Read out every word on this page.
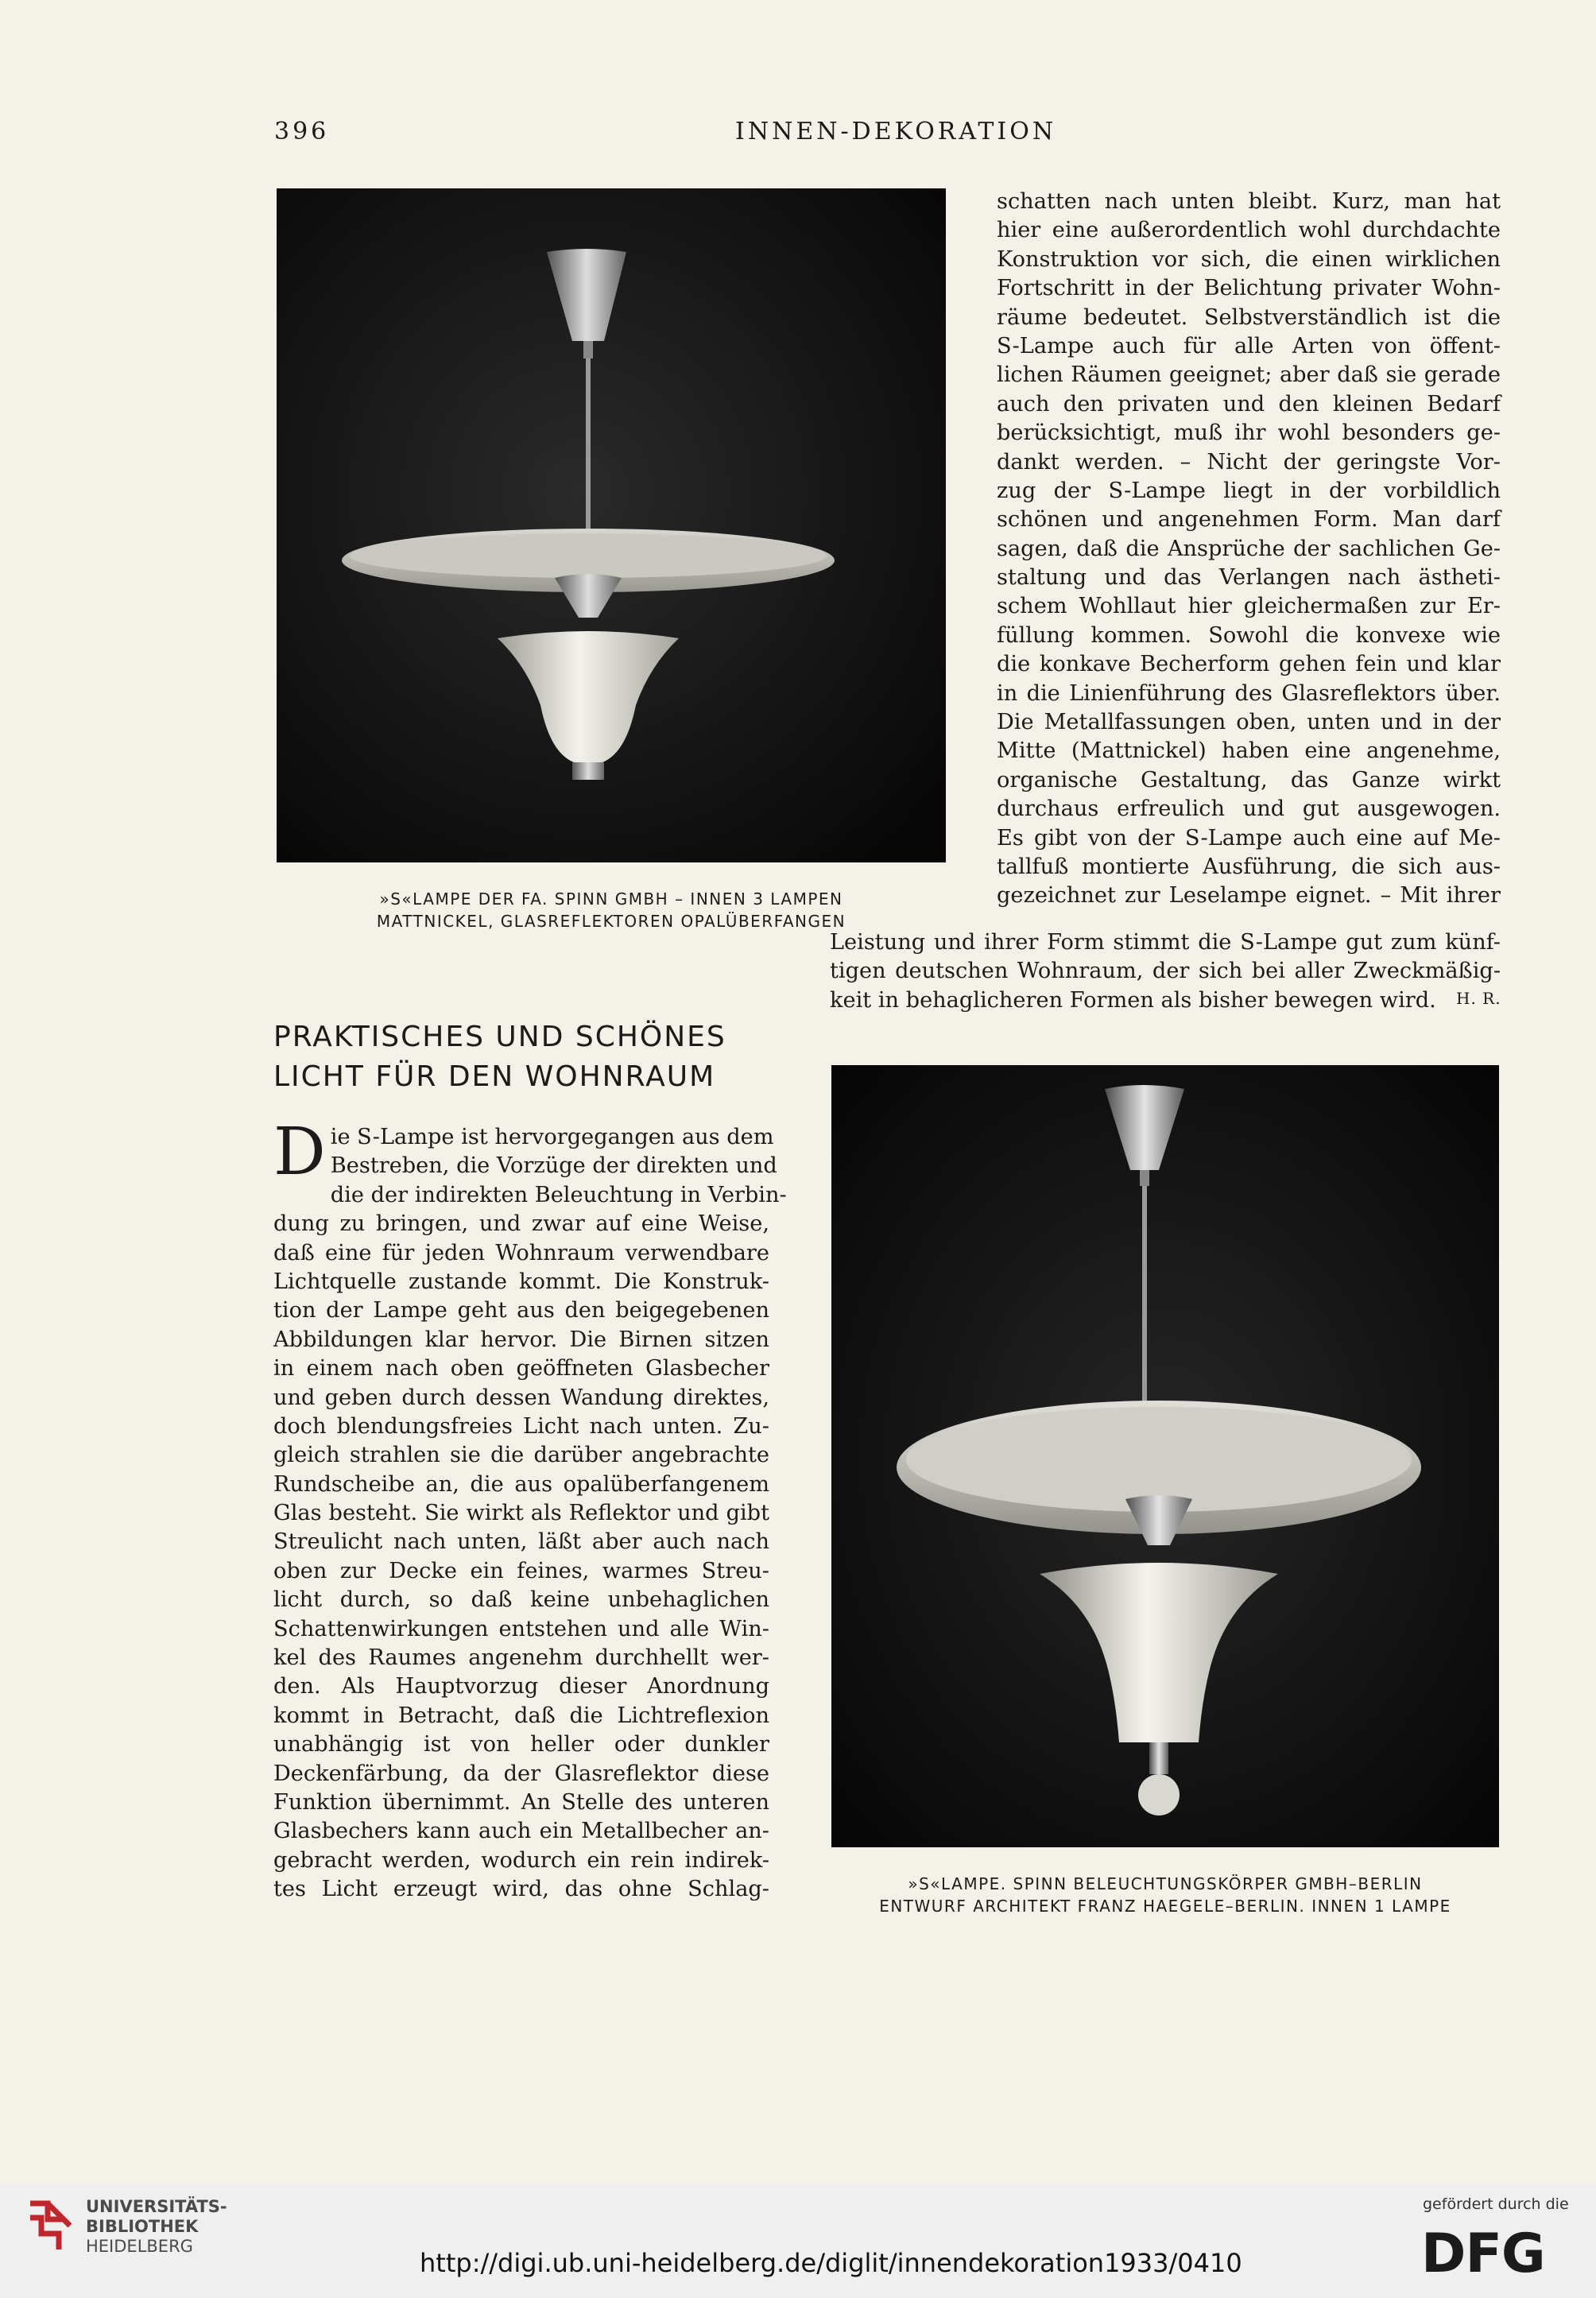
396	INNEN-DEKORATION
»S«LAMPE DER FA. SPINN GMBH – INNEN 3 LAMPEN
MATTNICKEL, GLASREFLEKTOREN OPALÜBERFANGEN
schatten nach unten bleibt. Kurz, man hat
hier eine außerordentlich wohl durchdachte
Konstruktion vor sich, die einen wirklichen
Fortschritt in der Belichtung privater Wohn-
räume bedeutet. Selbstverständlich ist die
S-Lampe auch für alle Arten von öffent-
lichen Räumen geeignet; aber daß sie gerade
auch den privaten und den kleinen Bedarf
berücksichtigt, muß ihr wohl besonders ge-
dankt werden. – Nicht der geringste Vor-
zug der S-Lampe liegt in der vorbildlich
schönen und angenehmen Form. Man darf
sagen, daß die Ansprüche der sachlichen Ge-
staltung und das Verlangen nach ästheti-
schem Wohllaut hier gleichermaßen zur Er-
füllung kommen. Sowohl die konvexe wie
die konkave Becherform gehen fein und klar
in die Linienführung des Glasreflektors über.
Die Metallfassungen oben, unten und in der
Mitte (Mattnickel) haben eine angenehme,
organische Gestaltung, das Ganze wirkt
durchaus erfreulich und gut ausgewogen.
Es gibt von der S-Lampe auch eine auf Me-
tallfuß montierte Ausführung, die sich aus-
gezeichnet zur Leselampe eignet. – Mit ihrer
Leistung und ihrer Form stimmt die S-Lampe gut zum künf-
tigen deutschen Wohnraum, der sich bei aller Zweckmäßig-
keit in behaglicheren Formen als bisher bewegen wird.	H. R.
PRAKTISCHES UND SCHÖNES
LICHT FÜR DEN WOHNRAUM
D ie S-Lampe ist hervorgegangen aus dem
Bestreben, die Vorzüge der direkten und
die der indirekten Beleuchtung in Verbin-
dung zu bringen, und zwar auf eine Weise,
daß eine für jeden Wohnraum verwendbare
Lichtquelle zustande kommt. Die Konstruk-
tion der Lampe geht aus den beigegebenen
Abbildungen klar hervor. Die Birnen sitzen
in einem nach oben geöffneten Glasbecher
und geben durch dessen Wandung direktes,
doch blendungsfreies Licht nach unten. Zu-
gleich strahlen sie die darüber angebrachte
Rundscheibe an, die aus opalüberfangenem
Glas besteht. Sie wirkt als Reflektor und gibt
Streulicht nach unten, läßt aber auch nach
oben zur Decke ein feines, warmes Streu-
licht durch, so daß keine unbehaglichen
Schattenwirkungen entstehen und alle Win-
kel des Raumes angenehm durchhellt wer-
den. Als Hauptvorzug dieser Anordnung
kommt in Betracht, daß die Lichtreflexion
unabhängig ist von heller oder dunkler
Deckenfärbung, da der Glasreflektor diese
Funktion übernimmt. An Stelle des unteren
Glasbechers kann auch ein Metallbecher an-
gebracht werden, wodurch ein rein indirek-
tes Licht erzeugt wird, das ohne Schlag-	»S«LAMPE. SPINN BELEUCHTUNGSKÖRPER GMBH–BERLIN
ENTWURF ARCHITEKT FRANZ HAEGELE–BERLIN. INNEN 1 LAMPE
UNIVERSITÄTS-
BIBLIOTHEK
HEIDELBERG
http://digi.ub.uni-heidelberg.de/diglit/innendekoration1933/0410
gefördert durch die
DFG
